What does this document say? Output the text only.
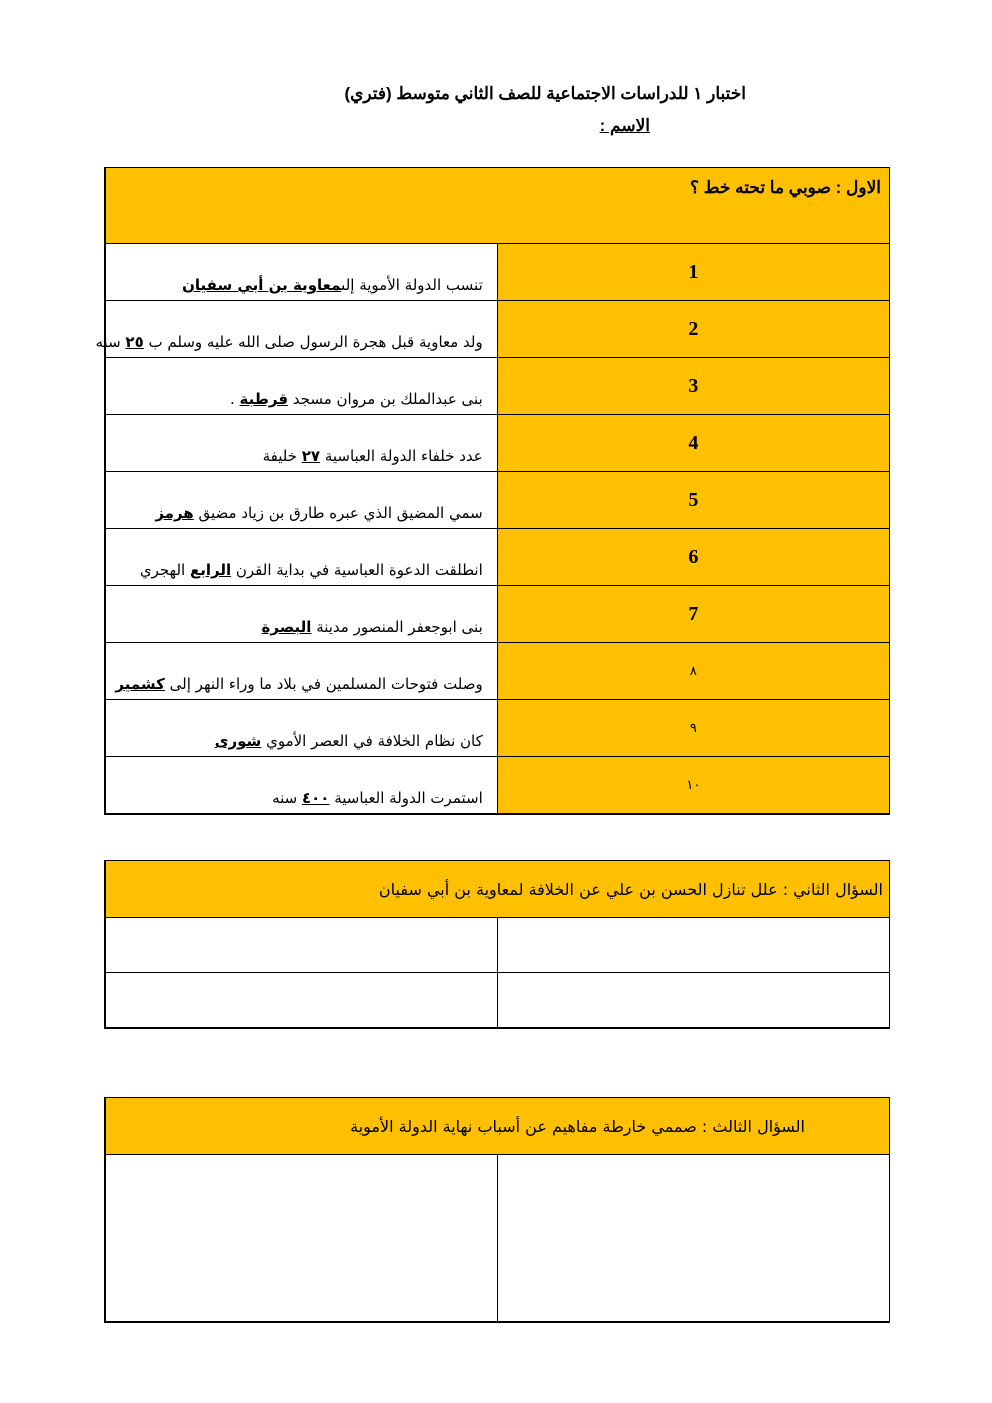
اختبار ١ للدراسات الاجتماعية للصف الثاني متوسط (فتري)
الاسم :
الاول : صوبي ما تحته خط ؟	

1	تنسب الدولة الأموية إلىمعاوية بن أبي سفيان

2	ولد معاوية قبل هجرة الرسول صلى الله عليه وسلم ب ٢٥ سنه

3	بنى عبدالملك بن مروان مسجد قرطبة .

4	عدد خلفاء الدولة العباسية ٢٧ خليفة

5	سمي المضيق الذي عبره طارق بن زياد مضيق هرمز

6	انطلقت الدعوة العباسية في بداية القرن الرابع الهجري

7	بنى ابوجعفر المنصور مدينة البصرة

٨	وصلت فتوحات المسلمين في بلاد ما وراء النهر إلى كشمير

٩	كان نظام الخلافة في العصر الأموي شورى

١٠	استمرت الدولة العباسية ٤٠٠ سنه
السؤال الثاني : علل تنازل الحسن بن علي عن الخلافة لمعاوية بن أبي سفيان	

السؤال الثالث : صممي خارطة مفاهيم عن أسباب نهاية الدولة الأموية
